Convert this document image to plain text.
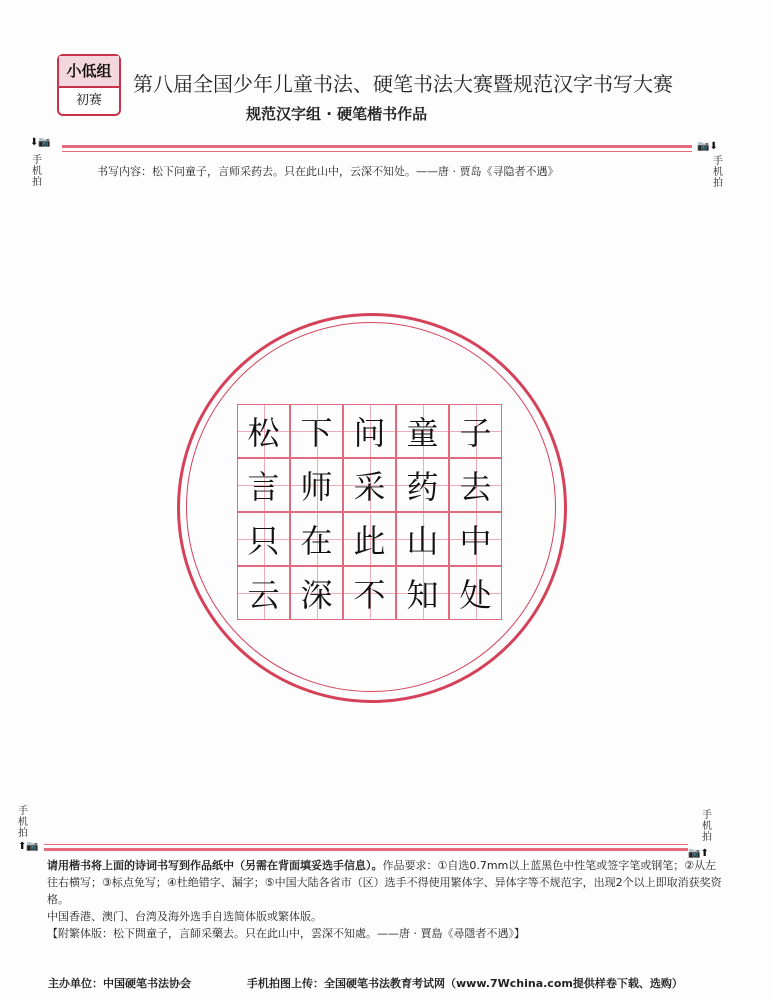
小低组
初赛
第八届全国少年儿童书法、硬笔书法大赛暨规范汉字书写大赛
规范汉字组 · 硬笔楷书作品
⬇📷
手
机
拍
📷⬇
手
机
拍
书写内容：松下问童子，言师采药去。只在此山中，云深不知处。——唐 · 贾岛《寻隐者不遇》
松 下 问 童 子
言 师 采 药 去
只 在 此 山 中
云 深 不 知 处
手
机
拍
⬆📷
手
机
拍
📷⬆

请用楷书将上面的诗词书写到作品纸中（另需在背面填妥选手信息）。作品要求：①自选0.7mm以上蓝黑色中性笔或签字笔或钢笔；②从左往右横写；③标点免写；④杜绝错字、漏字；⑤中国大陆各省市（区）选手不得使用繁体字、异体字等不规范字，出现2个以上即取消获奖资格。

中国香港、澳门、台湾及海外选手自选简体版或繁体版。

【附繁体版：松下問童子，言師采藥去。只在此山中，雲深不知處。——唐 · 賈島《尋隱者不遇》】

主办单位：中国硬笔书法协会	手机拍图上传：全国硬笔书法教育考试网（www.7Wchina.com提供样卷下载、选购）
